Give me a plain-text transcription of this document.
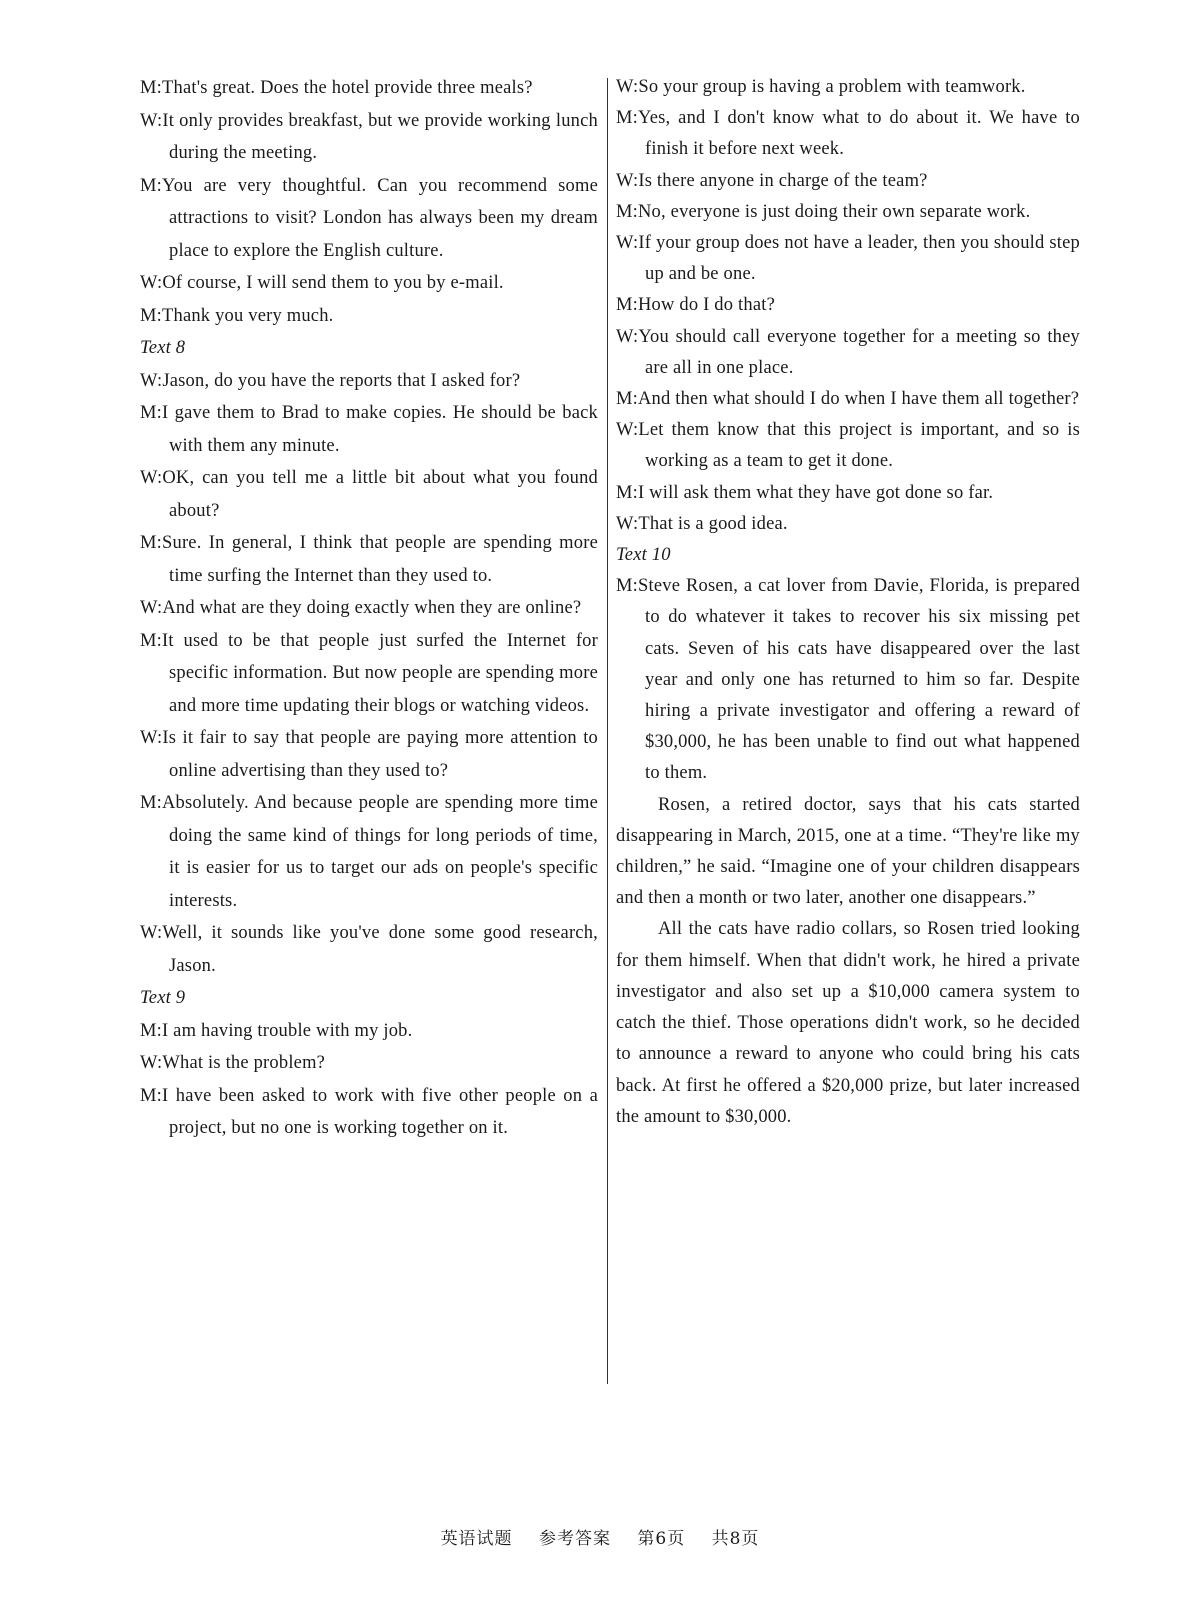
M:That's great. Does the hotel provide three meals?
W:It only provides breakfast, but we provide working lunch during the meeting.
M:You are very thoughtful. Can you recommend some attractions to visit? London has always been my dream place to explore the English culture.
W:Of course, I will send them to you by e-mail.
M:Thank you very much.
Text 8
W:Jason, do you have the reports that I asked for?
M:I gave them to Brad to make copies. He should be back with them any minute.
W:OK, can you tell me a little bit about what you found about?
M:Sure. In general, I think that people are spending more time surfing the Internet than they used to.
W:And what are they doing exactly when they are online?
M:It used to be that people just surfed the Internet for specific information. But now people are spending more and more time updating their blogs or watching videos.
W:Is it fair to say that people are paying more attention to online advertising than they used to?
M:Absolutely. And because people are spending more time doing the same kind of things for long periods of time, it is easier for us to target our ads on people's specific interests.
W:Well, it sounds like you've done some good research, Jason.
Text 9
M:I am having trouble with my job.
W:What is the problem?
M:I have been asked to work with five other people on a project, but no one is working together on it.
W:So your group is having a problem with teamwork.
M:Yes, and I don't know what to do about it. We have to finish it before next week.
W:Is there anyone in charge of the team?
M:No, everyone is just doing their own separate work.
W:If your group does not have a leader, then you should step up and be one.
M:How do I do that?
W:You should call everyone together for a meeting so they are all in one place.
M:And then what should I do when I have them all together?
W:Let them know that this project is important, and so is working as a team to get it done.
M:I will ask them what they have got done so far.
W:That is a good idea.
Text 10
M:Steve Rosen, a cat lover from Davie, Florida, is prepared to do whatever it takes to recover his six missing pet cats. Seven of his cats have disappeared over the last year and only one has returned to him so far. Despite hiring a private investigator and offering a reward of $30,000, he has been unable to find out what happened to them.
Rosen, a retired doctor, says that his cats started disappearing in March, 2015, one at a time. “They're like my children,” he said. “Imagine one of your children disappears and then a month or two later, another one disappears.”
All the cats have radio collars, so Rosen tried looking for them himself. When that didn't work, he hired a private investigator and also set up a $10,000 camera system to catch the thief. Those operations didn't work, so he decided to announce a reward to anyone who could bring his cats back. At first he offered a $20,000 prize, but later increased the amount to $30,000.
英语试题 参考答案 第6页 共8页
